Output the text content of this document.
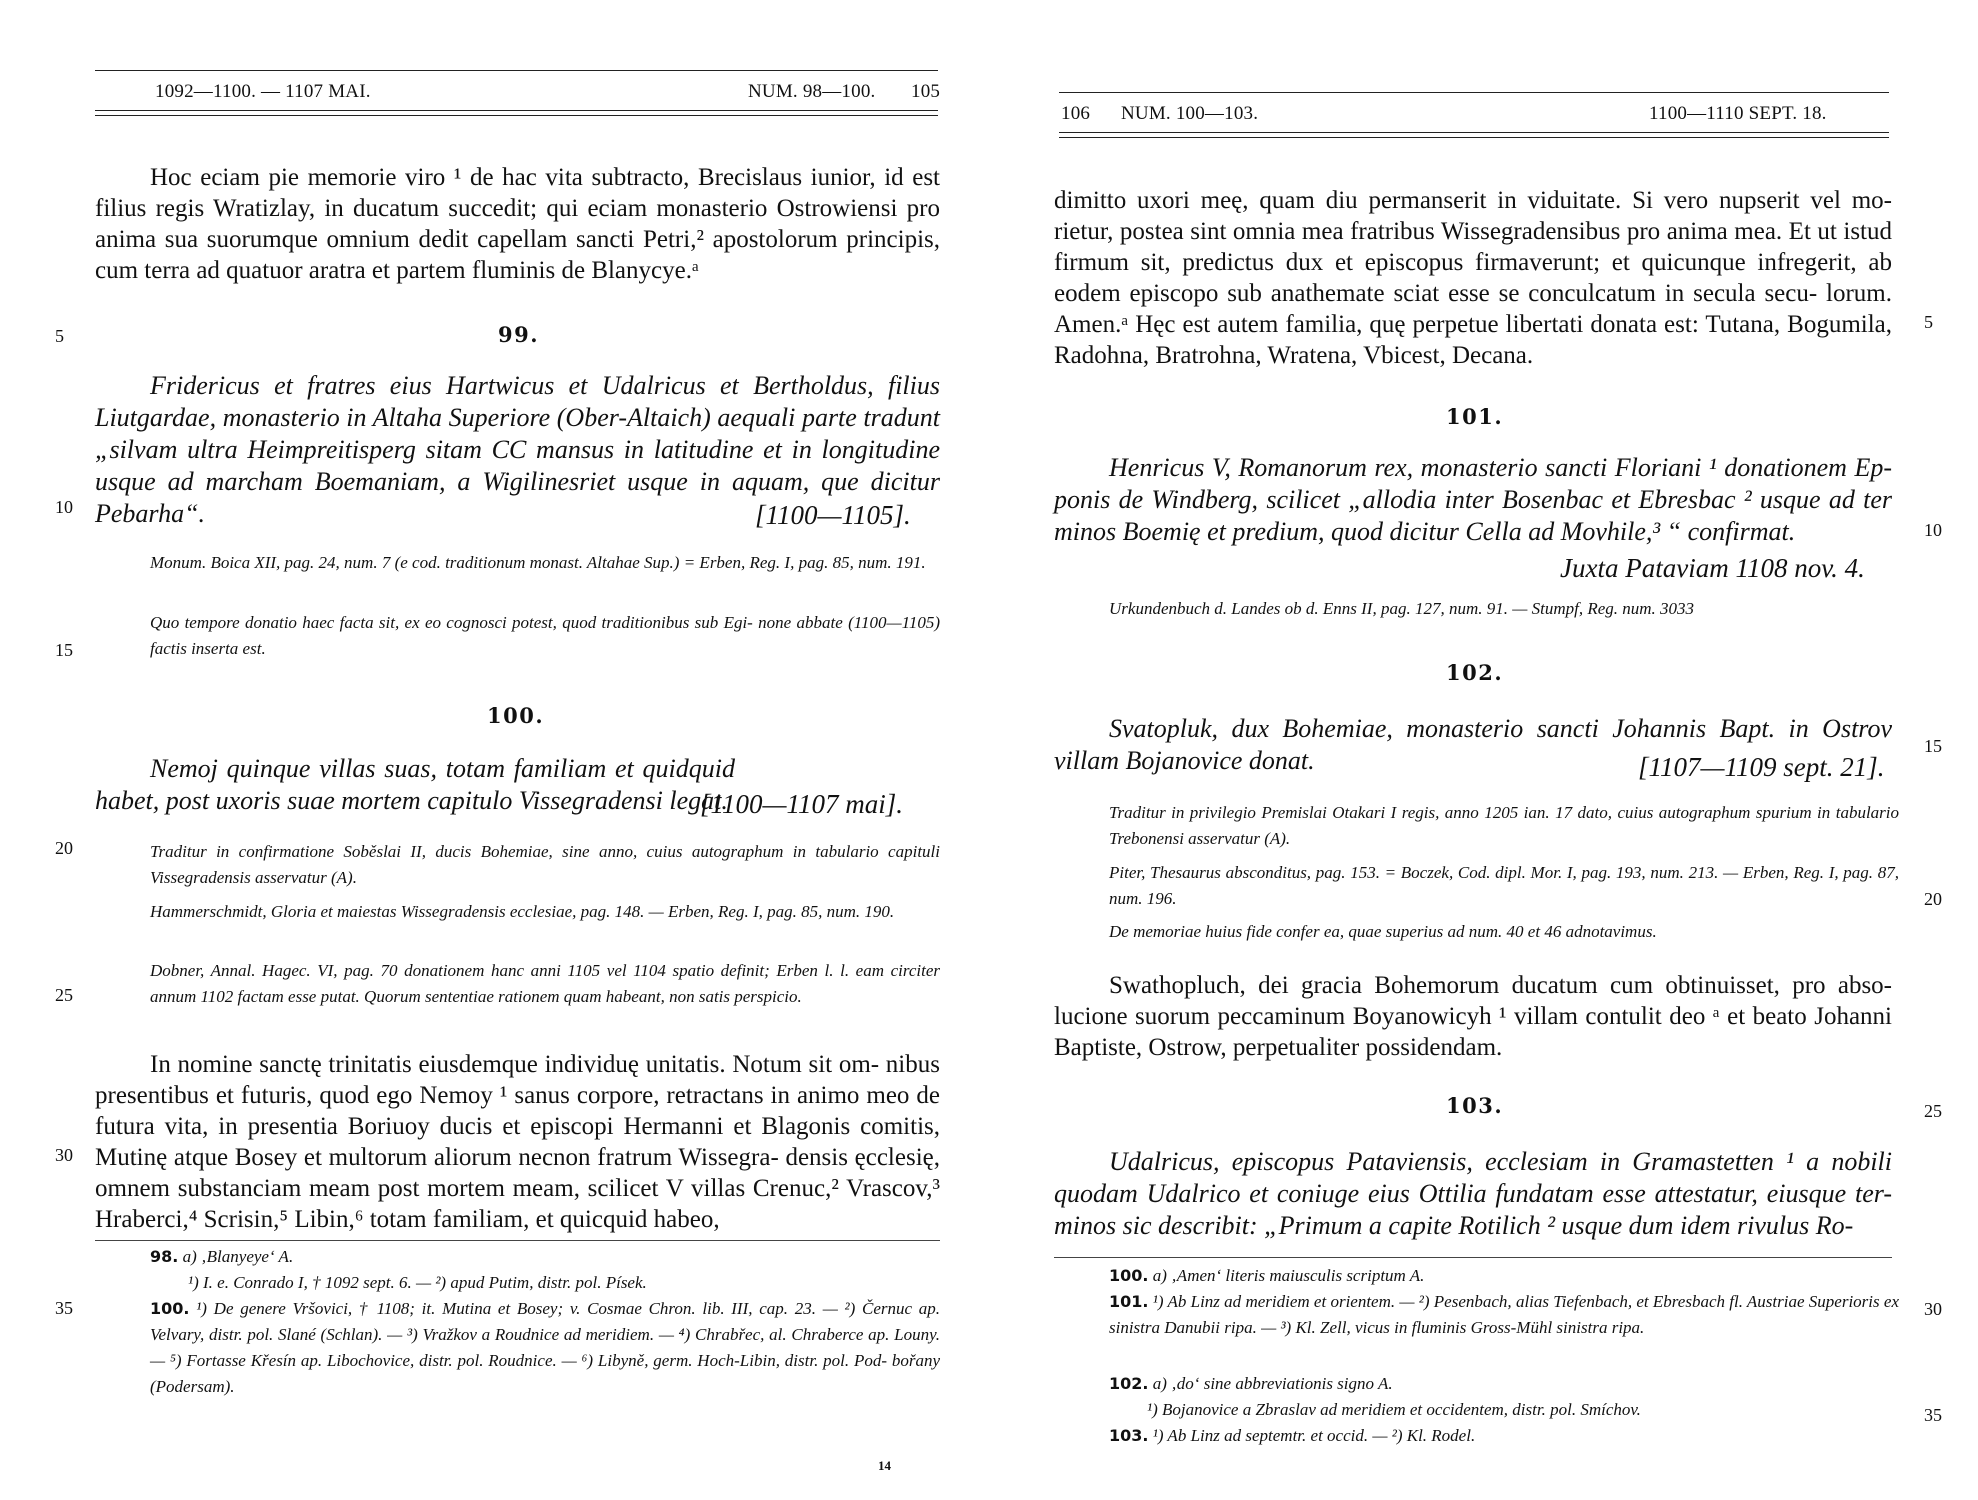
1092—1100. — 1107 MAI.	NUM. 98—100. 105

Hoc eciam pie memorie viro ¹ de hac vita subtracto, Brecislaus iunior, id est filius regis Wratizlay, in ducatum succedit; qui eciam monasterio Ostrowiensi pro anima sua suorumque omnium dedit capellam sancti Petri,² apostolorum principis, cum terra ad quatuor aratra et partem fluminis de Blanycye.ᵃ

5	99.

Fridericus et fratres eius Hartwicus et Udalricus et Bertholdus, filius Liutgardae, monasterio in Altaha Superiore (Ober-Altaich) aequali parte tradunt „silvam ultra Heimpreitisperg sitam CC mansus in latitudine et in longitudine usque ad marcham Boemaniam, a Wigilinesriet usque in aquam, que dicitur Pebarha“.

10	[1100—1105].

Monum. Boica XII, pag. 24, num. 7 (e cod. traditionum monast. Altahae Sup.) = Erben, Reg. I, pag. 85, num. 191.

Quo tempore donatio haec facta sit, ex eo cognosci potest, quod traditionibus sub Egi- none abbate (1100—1105) factis inserta est.

15
100.

Nemoj quinque villas suas, totam familiam et quidquid habet, post uxoris suae mortem capitulo Vissegradensi legat.

[1100—1107 mai].
20	Traditur in confirmatione Soběslai II, ducis Bohemiae, sine anno, cuius autographum in tabulario capituli Vissegradensis asservatur (A).

Hammerschmidt, Gloria et maiestas Wissegradensis ecclesiae, pag. 148. — Erben, Reg. I, pag. 85, num. 190.

25

Dobner, Annal. Hagec. VI, pag. 70 donationem hanc anni 1105 vel 1104 spatio definit; Erben l. l. eam circiter annum 1102 factam esse putat. Quorum sententiae rationem quam habeant, non satis perspicio.

In nomine sanctę trinitatis eiusdemque individuę unitatis. Notum sit om- nibus presentibus et futuris, quod ego Nemoy ¹ sanus corpore, retractans in animo meo de futura vita, in presentia Boriuoy ducis et episcopi Hermanni et Blagonis comitis, Mutinę atque Bosey et multorum aliorum necnon fratrum Wissegra- densis ęcclesię, omnem substanciam meam post mortem meam, scilicet V villas Crenuc,² Vrascov,³ Hraberci,⁴ Scrisin,⁵ Libin,⁶ totam familiam, et quicquid habeo,

30
98. a) ‚Blanyeye‘ A.
¹) I. e. Conrado I, † 1092 sept. 6. — ²) apud Putim, distr. pol. Písek.
35	100. ¹) De genere Vršovici, † 1108; it. Mutina et Bosey; v. Cosmae Chron. lib. III, cap. 23. — ²) Černuc ap. Velvary, distr. pol. Slané (Schlan). — ³) Vražkov a Roudnice ad meridiem. — ⁴) Chrabřec, al. Chraberce ap. Louny. — ⁵) Fortasse Křesín ap. Libochovice, distr. pol. Roudnice. — ⁶) Libyně, germ. Hoch-Libin, distr. pol. Pod- bořany (Podersam).
14
106 NUM. 100—103.	1100—1110 SEPT. 18.

dimitto uxori meę, quam diu permanserit in viduitate. Si vero nupserit vel mo- rietur, postea sint omnia mea fratribus Wissegradensibus pro anima mea. Et ut istud firmum sit, predictus dux et episcopus firmaverunt; et quicunque infregerit, ab eodem episcopo sub anathemate sciat esse se conculcatum in secula secu- lorum. Amen.ᵃ Hęc est autem familia, quę perpetue libertati donata est: Tutana, Bogumila, Radohna, Bratrohna, Wratena, Vbicest, Decana.

5
101.

Henricus V, Romanorum rex, monasterio sancti Floriani ¹ donationem Ep- ponis de Windberg, scilicet „allodia inter Bosenbac et Ebresbac ² usque ad ter minos Boemię et predium, quod dicitur Cella ad Movhile,³ “ confirmat.	10
Juxta Pataviam 1108 nov. 4.

Urkundenbuch d. Landes ob d. Enns II, pag. 127, num. 91. — Stumpf, Reg. num. 3033

102.

Svatopluk, dux Bohemiae, monasterio sancti Johannis Bapt. in Ostrov villam Bojanovice donat.	15
[1107—1109 sept. 21].

Traditur in privilegio Premislai Otakari I regis, anno 1205 ian. 17 dato, cuius autographum spurium in tabulario Trebonensi asservatur (A).

Piter, Thesaurus absconditus, pag. 153. = Boczek, Cod. dipl. Mor. I, pag. 193, num. 213. — Erben, Reg. I, pag. 87, num. 196.	20

De memoriae huius fide confer ea, quae superius ad num. 40 et 46 adnotavimus.

Swathopluch, dei gracia Bohemorum ducatum cum obtinuisset, pro abso- lucione suorum peccaminum Boyanowicyh ¹ villam contulit deo ᵃ et beato Johanni Baptiste, Ostrow, perpetualiter possidendam.

103.	25

Udalricus, episcopus Pataviensis, ecclesiam in Gramastetten ¹ a nobili quodam Udalrico et coniuge eius Ottilia fundatam esse attestatur, eiusque ter- minos sic describit: „Primum a capite Rotilich ² usque dum idem rivulus Ro-

100. a) ‚Amen‘ literis maiusculis scriptum A.
101. ¹) Ab Linz ad meridiem et orientem. — ²) Pesenbach, alias Tiefenbach, et Ebresbach fl. Austriae Superioris ex sinistra Danubii ripa. — ³) Kl. Zell, vicus in fluminis Gross-Mühl sinistra ripa.
30
102. a) ‚do‘ sine abbreviationis signo A.
¹) Bojanovice a Zbraslav ad meridiem et occidentem, distr. pol. Smíchov.	35
103. ¹) Ab Linz ad septemtr. et occid. — ²) Kl. Rodel.
